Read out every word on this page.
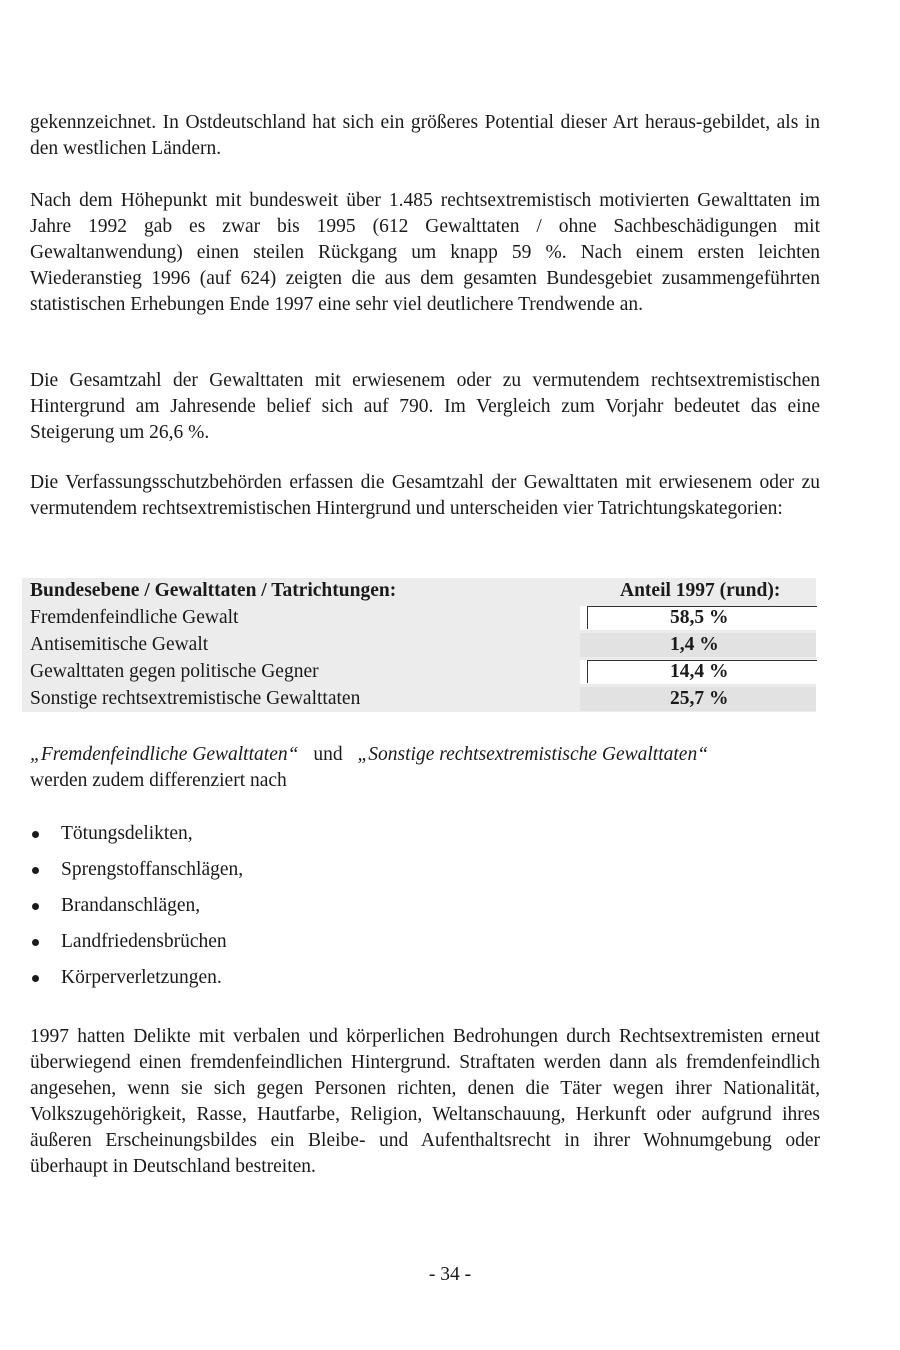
gekennzeichnet. In Ostdeutschland hat sich ein größeres Potential dieser Art heraus-gebildet, als in den westlichen Ländern.

Nach dem Höhepunkt mit bundesweit über 1.485 rechtsextremistisch motivierten Gewalttaten im Jahre 1992 gab es zwar bis 1995 (612 Gewalttaten / ohne Sachbeschädigungen mit Gewaltanwendung) einen steilen Rückgang um knapp 59 %. Nach einem ersten leichten Wiederanstieg 1996 (auf 624) zeigten die aus dem gesamten Bundesgebiet zusammengeführten statistischen Erhebungen Ende 1997 eine sehr viel deutlichere Trendwende an.

Die Gesamtzahl der Gewalttaten mit erwiesenem oder zu vermutendem rechtsextremistischen Hintergrund am Jahresende belief sich auf 790. Im Vergleich zum Vorjahr bedeutet das eine Steigerung um 26,6 %.

Die Verfassungsschutzbehörden erfassen die Gesamtzahl der Gewalttaten mit erwiesenem oder zu vermutendem rechtsextremistischen Hintergrund und unterscheiden vier Tatrichtungskategorien:

Bundesebene / Gewalttaten / Tatrichtungen:	Anteil 1997 (rund):
Fremdenfeindliche Gewalt	58,5 %
Antisemitische Gewalt	1,4 %
Gewalttaten gegen politische Gegner	14,4 %
Sonstige rechtsextremistische Gewalttaten	25,7 %

„Fremdenfeindliche Gewalttaten“ und „Sonstige rechtsextremistische Gewalttaten“
werden zudem differenziert nach

Tötungsdelikten,
Sprengstoffanschlägen,
Brandanschlägen,
Landfriedensbrüchen
Körperverletzungen.

1997 hatten Delikte mit verbalen und körperlichen Bedrohungen durch Rechtsextremisten erneut überwiegend einen fremdenfeindlichen Hintergrund. Straftaten werden dann als fremdenfeindlich angesehen, wenn sie sich gegen Personen richten, denen die Täter wegen ihrer Nationalität, Volkszugehörigkeit, Rasse, Hautfarbe, Religion, Weltanschauung, Herkunft oder aufgrund ihres äußeren Erscheinungsbildes ein Bleibe- und Aufenthaltsrecht in ihrer Wohnumgebung oder überhaupt in Deutschland bestreiten.

- 34 -
